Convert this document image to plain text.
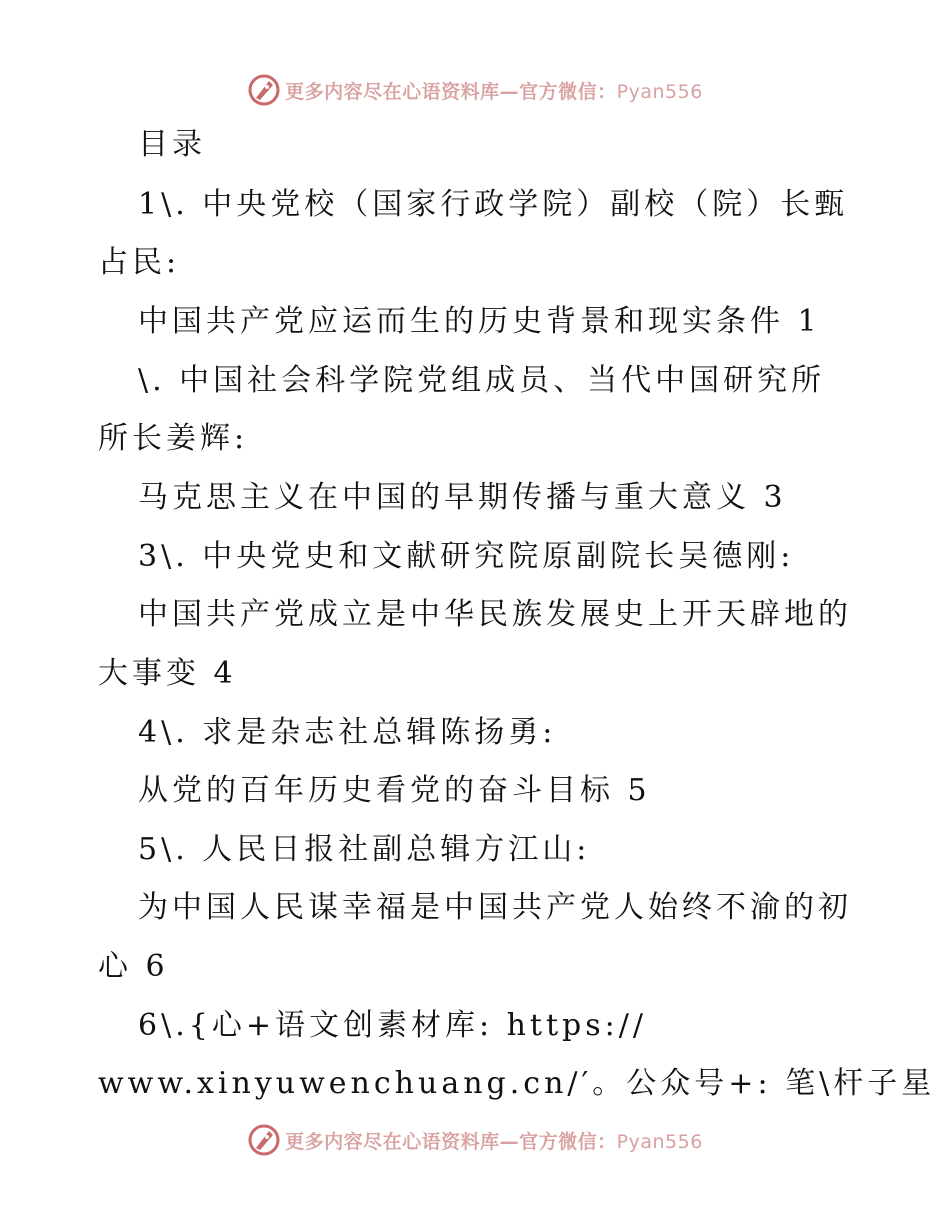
更多内容尽在心语资料库—官方微信：Pyan556
目录
1\. 中央党校（国家行政学院）副校（院）长甄
占民:
中国共产党应运而生的历史背景和现实条件 1
\. 中国社会科学院党组成员、当代中国研究所
所长姜辉:
马克思主义在中国的早期传播与重大意义 3
3\. 中央党史和文献研究院原副院长吴德刚:
中国共产党成立是中华民族发展史上开天辟地的
大事变 4
4\. 求是杂志社总辑陈扬勇:
从党的百年历史看党的奋斗目标 5
5\. 人民日报社副总辑方江山:
为中国人民谋幸福是中国共产党人始终不渝的初
心 6
6\.{心+语文创素材库: https://
www.xinyuwenchuang.cn/′。公众号+: 笔\杆子星
更多内容尽在心语资料库—官方微信：Pyan556
